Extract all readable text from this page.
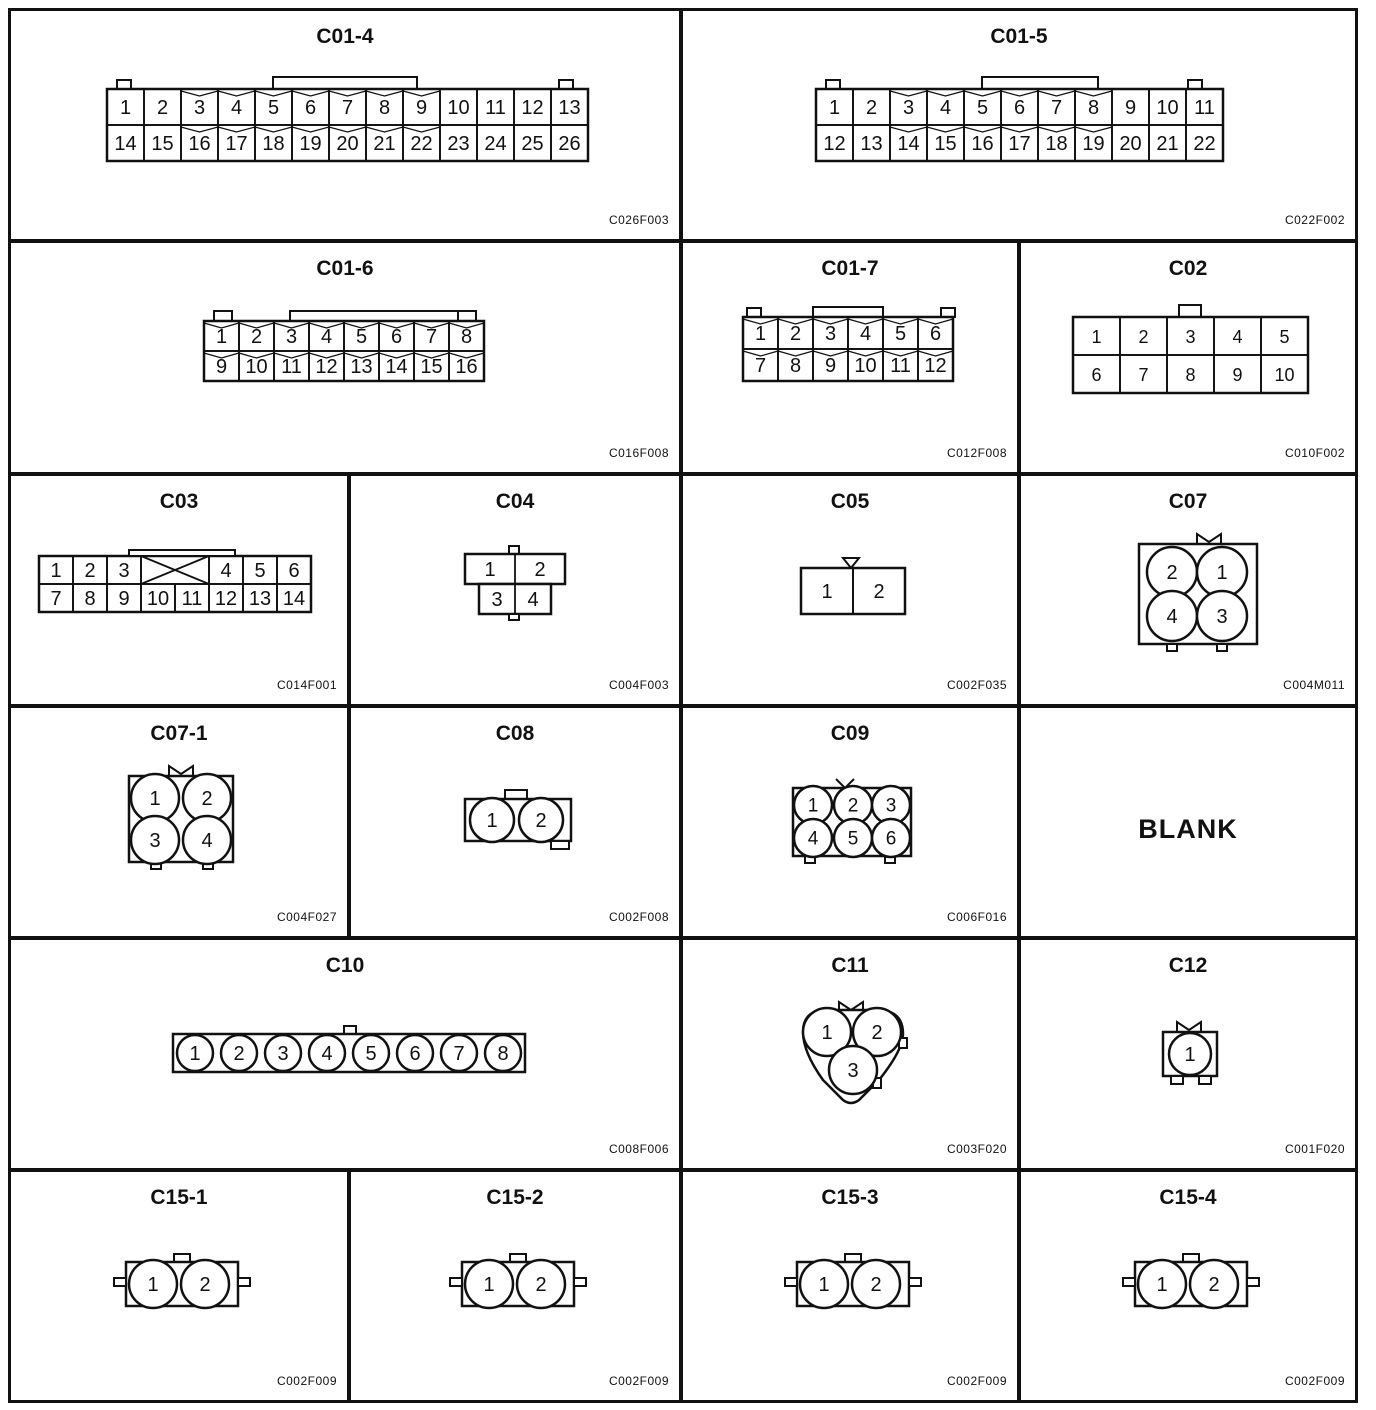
C01-4
C026F003
1 2 3 4 5 6 7 8 9 10 11 12 13
14 15 16 17 18 19 20 21 22 23 24 25 26
C01-5
C022F002
1 2 3 4 5 6 7 8 9 10 11
12 13 14 15 16 17 18 19 20 21 22
C01-6
C016F008
1 2 3 4 5 6 7 8
9 10 11 12 13 14 15 16
C01-7
C012F008
1 2 3 4 5 6
7 8 9 10 11 12
C02
C010F002
1 2 3 4 5
6 7 8 9 10
C03
C014F001
1 2 3	4 5 6
7 8 9 10 11 12 13 14
C04
C004F003
1 2
3 4
C05
C002F035
1 2
C07
C004M011
2 1
4 3
C07-1
C004F027
1 2
3 4
C08
C002F008
1 2
C09
C006F016
1 2 3
4 5 6	BLANK
C10
C008F006
1 2 3 4 5 6 7 8
C11
C003F020
1 2
3
C12
C001F020
1
C15-1
C002F009
1 2
C15-2
C002F009
1 2
C15-3
C002F009
1 2
C15-4
C002F009
1 2
